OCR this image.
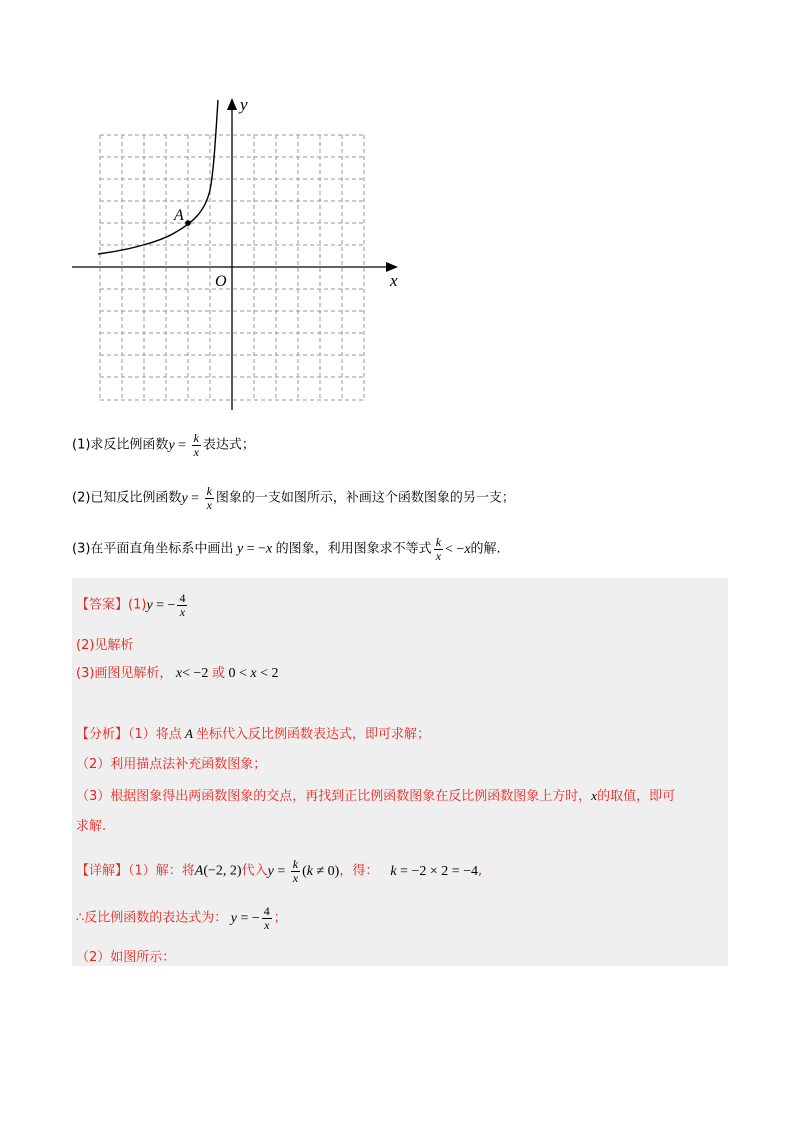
A
O	x
y
(1)求反比例函数$y = \frac{k}{x}$ 表达式；
(2)已知反比例函数$y = \frac{k}{x}$ 图象的一支如图所示，补画这个函数图象的另一支；
(3)在平面直角坐标系中画出 y = −x 的图象，利用图象求不等式 $\frac{k}{x} < -x$的解.
【答案】(1)y = − $\frac{4}{x}$
(2)见解析
(3)画图见解析， x< −2 或 0 < x < 2
【分析】（1）将点 A 坐标代入反比例函数表达式，即可求解；
（2）利用描点法补充函数图象；
（3）根据图象得出两函数图象的交点，再找到正比例函数图象在反比例函数图象上方时，x的取值，即可
求解.
【详解】（1）解：将A(−2, 2)代入$y = \frac{k}{x} (k \ne 0)$，得： k = −2 × 2 = −4,
∴反比例函数的表达式为： y = − $\frac{4}{x}$ ；
（2）如图所示：
